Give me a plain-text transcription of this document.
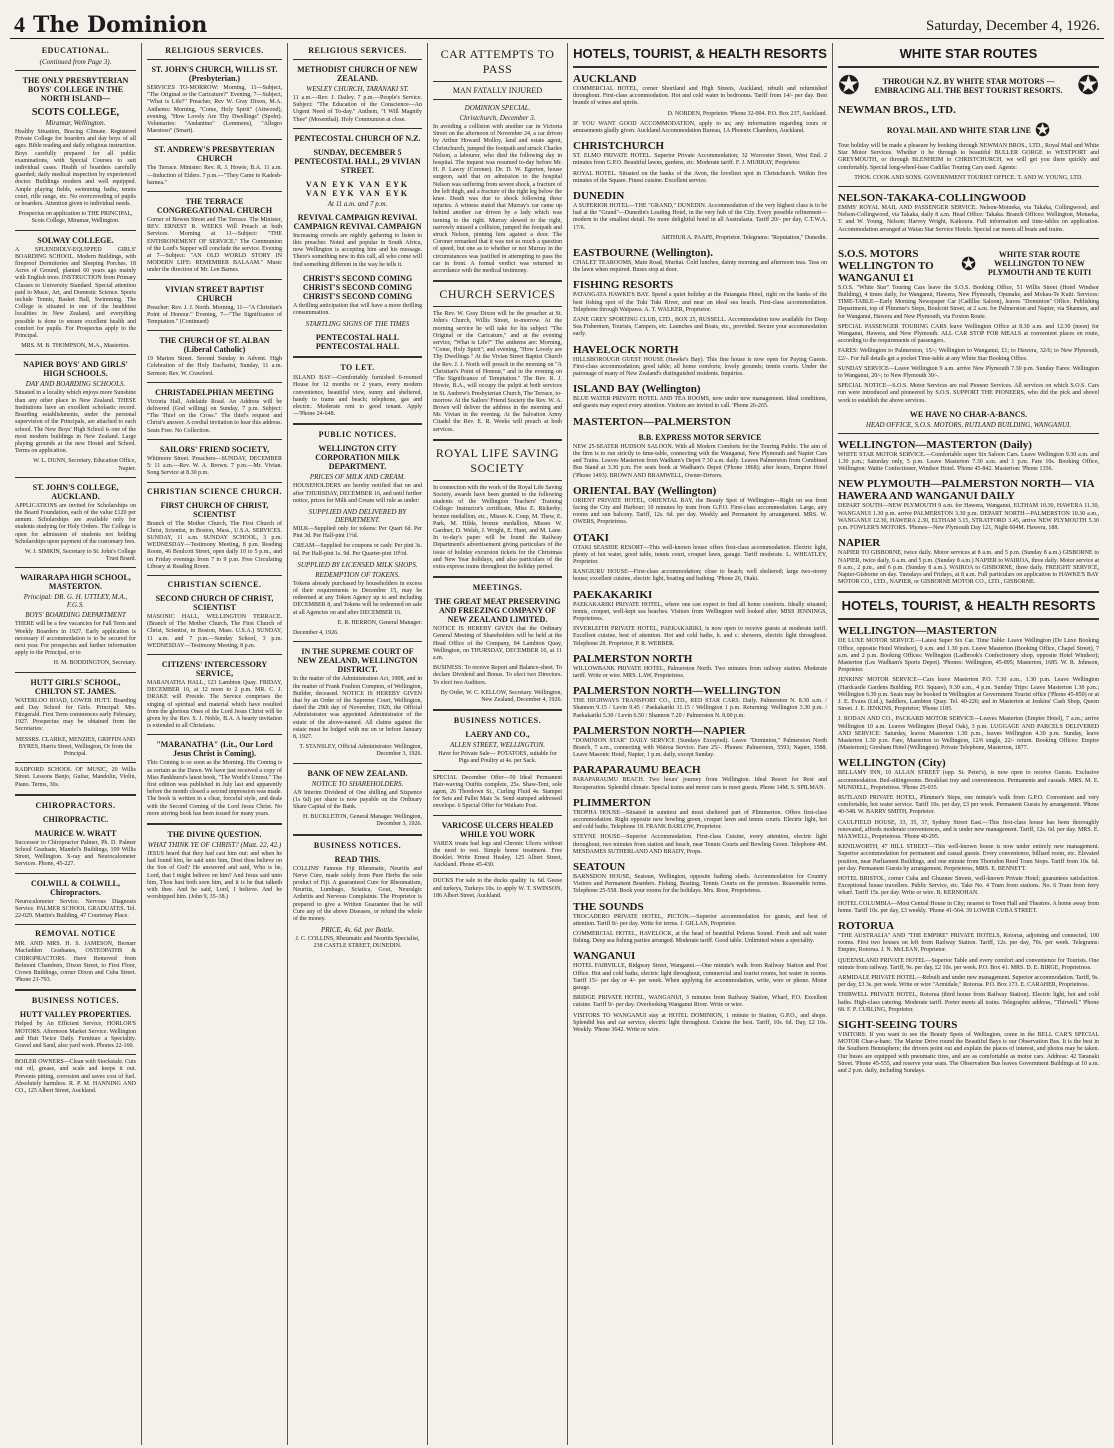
4 The Dominion	Saturday, December 4, 1926.
EDUCATIONAL.
(Continued from Page 3).
THE ONLY PRESBYTERIAN BOYS' COLLEGE IN THE NORTH ISLAND—
SCOTS COLLEGE,
Miramar, Wellington.

Healthy Situation, Bracing Climate. Registered Private College for boarders and day boys of all ages. Bible reading and daily religious instruction. Boys carefully prepared for all public examinations, with Special Courses to suit individual cases. Health of boarders carefully guarded; daily medical inspection by experienced doctor. Buildings modern and well equipped. Ample playing fields, swimming baths, tennis court, rifle range, etc. No overcrowding of pupils or boarders. Attention given to individual needs.

Prospectus on application to THE PRINCIPAL, Scots College, Miramar, Wellington.

SOLWAY COLLEGE.

A SPLENDIDLY-EQUIPPED GIRLS' BOARDING SCHOOL. Modern Buildings, with fireproof Dormitories and Sleeping Porches. 18 Acres of Ground, planted 60 years ago mainly with English trees. INSTRUCTION from Primary Classes to University Standard. Special attention paid to Music, Art, and Domestic Science. Sports include Tennis, Basket Ball, Swimming. The College is situated in one of the healthiest localities in New Zealand, and everything possible is done to ensure excellent health and comfort for pupils. For Prospectus apply to the Principal.

MRS. M. B. THOMPSON, M.A., Masterton.

NAPIER BOYS' AND GIRLS' HIGH SCHOOLS.
DAY AND BOARDING SCHOOLS.

Situated in a locality which enjoys more Sunshine than any other place in New Zealand. THESE Institutions have an excellent scholastic record. Boarding establishments, under the personal supervision of the Principals, are attached to each school. The New Boys' High School is one of the most modern buildings in New Zealand. Large playing grounds at the new Hostel and School. Terms on application.

W. L. DUNN, Secretary. Education Office, Napier.

ST. JOHN'S COLLEGE, AUCKLAND.

APPLICATIONS are invited for Scholarships on the Board Foundation, each of the value £120 per annum. Scholarships are available only for students studying for Holy Orders. The College is open for admission of students not holding Scholarships upon payment of the customary fees.

W. J. SIMKIN, Secretary to St. John's College Trust Board.

WAIRARAPA HIGH SCHOOL, MASTERTON.
Principal: DR. G. H. UTTLEY, M.A., F.G.S.
BOYS' BOARDING DEPARTMENT

THERE will be a few vacancies for Fall Term and Weekly Boarders in 1927. Early application is necessary if accommodation is to be secured for next year. For prospectus and further information apply to the Principal, or to

H. M. BODDINGTON, Secretary.

HUTT GIRLS' SCHOOL, CHILTON ST. JAMES.

WATERLOO ROAD, LOWER HUTT. Boarding and Day School for Girls. Principal: Mrs. Fitzgerald. First Term commences early February, 1927. Prospectus may be obtained from the Secretaries:

MESSRS. CLARKE, MENZIES, GRIFFIN AND BYRES, Harris Street, Wellington, Or from the Principal.

RADFORD SCHOOL OF MUSIC, 20 Willis Street. Lessons Banjo, Guitar, Mandolin, Violin, Piano. Terms, 30s.

CHIROPRACTORS.
CHIROPRACTIC.
MAURICE W. WRATT

Successor to Chiropractor Palmer, Ph. D. Palmer School Graduate, Mandel's Buildings, 109 Willis Street, Wellington. X-ray and Neurocalometer Services. Phone, 45-227.

COLWILL & COLWILL, Chiropractors.

Neurocalometer Service. Nervous Diagnosis Service. PALMER SCHOOL GRADUATES. Tel. 22-029. Martin's Building, 47 Courtenay Place.

REMOVAL NOTICE

MR. AND MRS. H. S. JAMESON, Bernarr Macfadden Graduates, OSTEOPATHS & CHIROPRACTORS. Have Removed from Belmont Chambers, Dixon Street, to First Floor, Crown Buildings, corner Dixon and Cuba Street. 'Phone 21-793.

BUSINESS NOTICES.
HUTT VALLEY PROPERTIES.

Helped by An Efficient Service, HORLOR'S MOTORS. Afternoon Market Service. Wellington and Hutt Twice Daily. Furniture a Speciality. Gravel and Sand, also yard work. Phones 22-160.

BOILER OWNERS—Clean with Stockstale. Cuts out oil, grease, and scale and keeps it out. Prevents pitting, corrosion and saves cost of fuel. Absolutely harmless. R. P. M. HANNING AND CO., 125 Albert Street, Auckland.

RELIGIOUS SERVICES.
ST. JOHN'S CHURCH, WILLIS ST. (Presbyterian.)

SERVICES TO-MORROW: Morning, 11—Subject, "The Original or the Caricature?" Evening, 7—Subject, "What is Life?" Preacher, Rev W. Gray Dixon, M.A. Anthems: Morning, "Come, Holy Spirit" (Attwood), evening, "How Lovely Are Thy Dwellings" (Spohr). Voluntaries: "Andantino" (Lemmens), "Allegro Maestoso" (Smart).

ST. ANDREW'S PRESBYTERIAN CHURCH

The Terrace. Minister: Rev. R. J. Howie, B.A. 11 a.m.—Induction of Elders. 7 p.m.—"They Came to Kadesh-barnea."

THE TERRACE CONGREGATIONAL CHURCH

Corner of Bowen Street and The Terrace. The Minister, REV. ERNEST R. WEEKS Will Preach at both Services. Morning at 11—Subject: "THE ENTHRONEMENT OF SERVICE." The Communion of the Lord's Supper will conclude the service. Evening at 7—Subject: "AN OLD WORLD STORY IN MODERN LIFE: REMEMBER BALAAM." Music under the direction of Mr. Len Barnes.

VIVIAN STREET BAPTIST CHURCH

Preacher: Rev. J. J. North. Morning, 11—"A Christian's Point of Honour." Evening, 7—"The Significance of Temptation." (Continued)

THE CHURCH OF ST. ALBAN (Liberal Catholic)

19 Marion Street. Second Sunday in Advent. High Celebration of the Holy Eucharist, Sunday, 11 a.m. Sermon: Rev. W. Crawford.

CHRISTADELPHIAN MEETING

Victoria Hall, Adelaide Road. An Address will be delivered (God willing) on Sunday, 7 p.m. Subject: "The Thief on the Cross." The thief's request and Christ's answer. A cordial invitation to hear this address. Seats Free. No Collection.

SAILORS' FRIEND SOCIETY,

Whitmore Street. Preachers—SUNDAY, DECEMBER 5: 11 a.m.—Rev. W. A. Brown. 7 p.m.—Mr. Vivian. Song Service at 8.30 p.m.

CHRISTIAN SCIENCE CHURCH.
FIRST CHURCH OF CHRIST, SCIENTIST

Branch of The Mother Church, The First Church of Christ, Scientist, in Boston, Mass., U.S.A. SERVICES. SUNDAY, 11 a.m. SUNDAY SCHOOL, 3 p.m. WEDNESDAY—Testimony Meeting, 8 p.m. Reading Room, 46 Boulcott Street, open daily 10 to 5 p.m., and on Friday evenings from 7 to 9 p.m. Free Circulating Library at Reading Room.

CHRISTIAN SCIENCE.
SECOND CHURCH OF CHRIST, SCIENTIST

MASONIC HALL, WELLINGTON TERRACE. (Branch of The Mother Church, The First Church of Christ, Scientist, in Boston, Mass. U.S.A.) SUNDAY, 11 a.m. and 7 p.m.—Sunday School, 3 p.m. WEDNESDAY—Testimony Meeting, 8 p.m.

CITIZENS' INTERCESSORY SERVICE,

MARANATHA HALL, 123 Lambton Quay. FRIDAY, DECEMBER 10, at 12 noon to 2 p.m. MR. C. J. DRAKE will Preside. The Service comprises the singing of spiritual and material which have resulted from the glorious Ones of the Lord Jesus Christ will be given by the Rev. S. J. Noble, B.A. A hearty invitation is extended to all Christians.

"MARANATHA" (Lit., Our Lord Jesus Christ is Coming).

This Coming is so soon as the Morning. His Coming is as certain as the Dawn. We have just received a copy of Miss Pankhurst's latest book, "The World's Unrest." The first edition was published in July last and apparently before the month closed a second impression was made. The book is written in a clear, forceful style, and deals with the Second Coming of the Lord Jesus Christ. No more stirring book has been issued for many years.

THE DIVINE QUESTION.
WHAT THINK YE OF CHRIST? (Matt. 22, 42.)

JESUS heard that they had cast him out: and when he had found him, he said unto him, Dost thou believe on the Son of God? He answered and said, Who is he, Lord, that I might believe on him? And Jesus said unto him, Thou hast both seen him, and it is he that talketh with thee. And he said, Lord, I believe. And he worshipped him. (John 9, 35–38.)

RELIGIOUS SERVICES.
METHODIST CHURCH OF NEW ZEALAND.
WESLEY CHURCH, TARANAKI ST.

11 a.m.—Rev. J. Dailey. 7 p.m.—People's Service. Subject: "The Education of the Conscience—An Urgent Need of To-day." Anthem, "I Will Magnify Thee" (Mosenthal). Holy Communion at close.

PENTECOSTAL CHURCH OF N.Z.
SUNDAY, DECEMBER 5 PENTECOSTAL HALL, 29 VIVIAN STREET.
VAN EYK VAN EYK VAN EYK VAN EYK
At 11 a.m. and 7 p.m.
REVIVAL CAMPAIGN REVIVAL CAMPAIGN REVIVAL CAMPAIGN

Increasing crowds are nightly gathering to listen to this preacher. Noted and popular in South Africa, now Wellington is accepting him and his message. There's something new in this call, all who come will find something different in the way he tells it.

CHRIST'S SECOND COMING CHRIST'S SECOND COMING CHRIST'S SECOND COMING

A thrilling anticipation that will have a more thrilling consummation.

STARTLING SIGNS OF THE TIMES
PENTECOSTAL HALL PENTECOSTAL HALL
TO LET.

ISLAND BAY—Comfortably furnished 6-roomed House for 12 months or 2 years, every modern convenience, beautiful view, sunny and sheltered, handy to trams and beach; telephone, gas and electric. Moderate rent to good tenant. Apply—'Phone 24-648.

PUBLIC NOTICES.
WELLINGTON CITY CORPORATION MILK DEPARTMENT.
PRICES OF MILK AND CREAM.

HOUSEHOLDERS are hereby notified that on and after THURSDAY, DECEMBER 16, and until further notice, prices for Milk and Cream will rule as under:

SUPPLIED AND DELIVERED BY DEPARTMENT.

MILK—Supplied only for tokens: Per Quart 6d. Per Pint 3d. Per Half-pint 1½d.

CREAM—Supplied for coupons or cash: Per pint 3s. 6d. Per Half-pint 1s. 9d. Per Quarter-pint 10½d.

SUPPLIED BY LICENSED MILK SHOPS.
REDEMPTION OF TOKENS.

Tokens already purchased by householders in excess of their requirements to December 15, may be redeemed at any Token Agency up to and including DECEMBER 8, and Tokens will be redeemed on sale at all Agencies on and after DECEMBER 16.

E. R. HERRON, General Manager.

December 4, 1926.

IN THE SUPREME COURT OF NEW ZEALAND, WELLINGTON DISTRICT.

In the matter of the Administration Act, 1908, and in the matter of Frank Foulton Compton, of Wellington, Builder, deceased. NOTICE IS HEREBY GIVEN that by an Order of the Supreme Court, Wellington, dated the 29th day of November, 1926, the Official Administrator was appointed Administrator of the estate of the above-named. All claims against the estate must be lodged with me on or before January 8, 1927.

T. STANSLEY, Official Administrator. Wellington, December 3, 1926.

BANK OF NEW ZEALAND.
NOTICE TO SHAREHOLDERS.

AN Interim Dividend of One shilling and Sixpence (1s 6d) per share is now payable on the Ordinary Share Capital of the Bank.

H. BUCKLETON, General Manager. Wellington, December 3, 1926.

BUSINESS NOTICES.
READ THIS.

COLLINS' Famous Fiji Rheumatic, Neuritis and Nerve Cure, made solely from Pure Herbs the sole product of Fiji. A guaranteed Cure for Rheumatism, Neuritis, Lumbago, Sciatica, Gout, Neuralgic Arthritis and Nervous Complaints. The Proprietor is prepared to give a Written Guarantee that he will Cure any of the above Diseases, or refund the whole of the money.

PRICE, 4s. 6d. per Bottle.

J. C. COLLINS, Rheumatic and Neuritis Specialist, 238 CASTLE STREET, DUNEDIN.

CAR ATTEMPTS TO PASS
MAN FATALLY INJURED
DOMINION SPECIAL.
Christchurch, December 3.

In avoiding a collision with another car in Victoria Street on the afternoon of November 24, a car driven by Arthur Howard Molloy, land and estate agent, Christchurch, jumped the footpath and struck Charles Nelson, a labourer, who died the following day in hospital. The inquest was resumed to-day before Mr. H. P. Lawry (Coroner). Dr. D. W. Egerton, house surgeon, said that on admission to the hospital Nelson was suffering from severe shock, a fracture of the left thigh, and a fracture of the right leg below the knee. Death was due to shock following these injuries. A witness stated that Murray's car came up behind another car driven by a lady which was turning to the right. Murray slewed to the right, narrowly missed a collision, jumped the footpath and struck Nelson, pinning him against a door. The Coroner remarked that it was not so much a question of speed, but one as to whether or not Murray in the circumstances was justified in attempting to pass the car in front. A formal verdict was returned in accordance with the medical testimony.

CHURCH SERVICES

The Rev. W. Gray Dixon will be the preacher at St. John's Church, Willis Street, to-morrow. At the morning service he will take for his subject "The Original or the Caricature," and at the evening service, "What is Life?" The anthems are: Morning, "Come, Holy Spirit"; and evening, "How Lovely are Thy Dwellings." At the Vivian Street Baptist Church the Rev. J. J. North will preach in the morning on "A Christian's Point of Honour," and in the evening on "The Significance of Temptation." The Rev. R. J. Howie, B.A., will occupy the pulpit at both services in St. Andrew's Presbyterian Church, The Terrace, to-morrow. At the Sailors' Friend Society the Rev. W. A. Brown will deliver the address in the morning and Mr. Vivian in the evening. At the Salvation Army Citadel the Rev. E. R. Weeks will preach at both services.

ROYAL LIFE SAVING SOCIETY

In connection with the work of the Royal Life Saving Society, awards have been granted to the following students of the Wellington Teachers' Training College: Instructor's certificate, Miss E. Rickerby; bronze medallion, etc., Misses K. Coup, M. Thew, E. Park, M. Hilda, bronze medallion, Misses W. Gardner, D. Welsh, J. Wright, E. Hunt, and M. Lane. In to-day's paper will be found the Railway Department's advertisement giving particulars of the issue of holiday excursion tickets for the Christmas and New Year holidays, and also particulars of the extra express trains throughout the holiday period.

MEETINGS.
THE GREAT MEAT PRESERVING AND FREEZING COMPANY OF NEW ZEALAND LIMITED.

NOTICE IS HEREBY GIVEN that the Ordinary General Meeting of Shareholders will be held at the Head Office of the Company, 84 Lambton Quay, Wellington, on THURSDAY, DECEMBER 16, at 11 a.m.

BUSINESS: To receive Report and Balance-sheet. To declare Dividend and Bonus. To elect two Directors. To elect two Auditors.

By Order, W. C. KELLOW, Secretary. Wellington, New Zealand, December 4, 1926.

BUSINESS NOTICES.
LAERY AND CO.,
ALLEN STREET, WELLINGTON.

Have for Private Sale— POTATOES, suitable for Pigs and Poultry at 4s. per Sack.

SPECIAL December Offer—50 Ideal Permanent Hair-waving Outfits complete, 25s. Shaw-Tent, sole agent, 26 Thordown St., Curling Fluid 4s. Stampet for Sets and Pallet Mats 3s. Send stamped addressed envelope. 6 Special Offer for Waikato Post.

VARICOSE ULCERS HEALED WHILE YOU WORK

VAREX treats bad legs and Chronic Ulcers without the need to rest. Simple home treatment. Free Booklet. Write Ernest Healey, 125 Albert Street, Auckland. Phone 45-430.

DUCKS For sale to the ducks quality 1s. 6d. Geese and turkeys, Turkeys 10s. to apply W. T. SWINSON, 186 Albert Street, Auckland.

HOTELS, TOURIST, & HEALTH RESORTS
AUCKLAND

COMMERCIAL HOTEL, corner Shortland and High Streets, Auckland, rebuilt and refurnished throughout. First-class accommodation. Hot and cold water in bedrooms. Tariff from 14/- per day. Best brands of wines and spirits.

D. NORDEN, Proprietor. 'Phone 32-004. P.O. Box 237, Auckland.

IF YOU WANT GOOD ACCOMMODATION, apply to us; any information regarding tours or amusements gladly given. Auckland Accommodation Bureau, 1A Phoenix Chambers, Auckland.

CHRISTCHURCH

ST. ELMO PRIVATE HOTEL. Superior Private Accommodation; 32 Worcester Street, West End. 2 minutes from G.P.O. Beautiful lawns, gardens, etc. Moderate tariff. F. J. MURRAY, Proprietor.

ROYAL HOTEL. Situated on the banks of the Avon, the loveliest spot in Christchurch. Within five minutes of the Square. Finest cuisine. Excellent service.

DUNEDIN

A SUPERIOR HOTEL—THE "GRAND," DUNEDIN. Accommodation of the very highest class is to be had at the "Grand"—Dunedin's Leading Hotel, in the very hub of the City. Every possible refinement—modern to the smallest detail. No more delightful hotel in all Australasia. Tariff 20/- per day, C.T.W.A. 17/6.

ARTHUR A. PAAPE, Proprietor. Telegrams: "Reputation," Dunedin.

EASTBOURNE (Wellington).

CHALET TEAROOMS, Main Road, Muritai. Cold lunches, dainty morning and afternoon teas. Teas on the lawn when required. Buses stop at door.

FISHING RESORTS

PATANGATA HAWKE'S BAY. Spend a quiet holiday at the Patangata Hotel, right on the banks of the best fishing spot of the Tuki Tuki River, and near an ideal sea beach. First-class accommodation. Telephone through Waipawa. A. T. WALKER, Proprietor.

ZANE GREY SPORTING CLUB, LTD., BOX 25, RUSSELL. Accommodation now available for Deep Sea Fishermen, Tourists, Campers, etc. Launches and Boats, etc., provided. Secure your accommodation early.

HAVELOCK NORTH

HILLSBOROUGH GUEST HOUSE (Hawke's Bay). This fine house is now open for Paying Guests. First-class accommodation; good table; all home comforts; lovely grounds; tennis courts. Under the patronage of many of New Zealand's distinguished residents. Inquiries.

ISLAND BAY (Wellington)

BLUE WATER PRIVATE HOTEL AND TEA ROOMS, now under new management. Ideal conditions, and guests may expect every attention. Visitors are invited to call. 'Phone 26-265.

MASTERTON—PALMERSTON
B.B. EXPRESS MOTOR SERVICE

NEW 25-SEATER HUDSON SALOON. With all Modern Comforts for the Touring Public. The aim of the firm is to run strictly to time-table, connecting with the Wanganui, New Plymouth and Napier Cars and Trains. Leaves Masterton from Wadham's Depot 7.30 a.m. daily. Leaves Palmerston from Combined Bus Stand at 3.30 p.m. For seats book at Wadham's Depot ('Phone 1868); after hours, Empire Hotel ('Phone 1493). BROWN AND BRAMWELL, Owner-Drivers.

ORIENTAL BAY (Wellington)

ORIENT PRIVATE HOTEL, ORIENTAL BAY, the Beauty Spot of Wellington—Right on sea front facing the City and Harbour; 10 minutes by tram from G.P.O. First-class accommodation. Large, airy rooms and sun balcony. Tariff, 12s. 6d. per day. Weekly and Permanent by arrangement. MRS. W. OWERS, Proprietress.

OTAKI

OTAKI SEASIDE RESORT—This well-known house offers first-class accommodation. Electric light, plenty of hot water, good table, tennis court, croquet lawn, garage. Tariff moderate. L. WHEATLEY, Proprietor.

RANGIURU HOUSE—First-class accommodation; close to beach; well sheltered; large two-storey house; excellent cuisine, electric light, boating and bathing. 'Phone 26, Otaki.

PAEKAKARIKI

PAEKAKARIKI PRIVATE HOTEL, where one can expect to find all home comforts. Ideally situated; tennis, croquet, well-kept sea beaches. Visitors from Wellington well looked after. MISS JENNINGS, Proprietress.

INVERLEITH PRIVATE HOTEL, PAEKAKARIKI, is now open to receive guests at moderate tariff. Excellent cuisine, best of attention. Hot and cold baths, h. and c. showers, electric light throughout. Telephone 28. Proprietor, P. R. WEBBER.

PALMERSTON NORTH

WILLOWBANK PRIVATE HOTEL, Palmerston North. Two minutes from railway station. Moderate tariff. Write or wire. MRS. LAW, Proprietress.

PALMERSTON NORTH—WELLINGTON

THE HIGHWAYS TRANSPORT CO., LTD., RED STAR CARS. Daily. Palmerston N. 8.30 a.m. / Shannon 9.15 / Levin 9.45 / Paekakariki 11.15 / Wellington 1 p.m. Returning: Wellington 3.30 p.m. / Paekakariki 5.30 / Levin 6.50 / Shannon 7.20 / Palmerston N. 8.00 p.m.

PALMERSTON NORTH—NAPIER

"DOMINION STAR" DAILY SERVICE (Sundays Excepted). Leave "Dominion," Palmerston North Branch, 7 a.m., connecting with Wairoa Service. Fare 25/-. Phones: Palmerston, 5593; Napier, 1588. Leave Masonic Hotel, Napier, 1 p.m. daily, except Sunday.

PARAPARAUMU BEACH

PARAPARAUMU BEACH. Two hours' journey from Wellington. Ideal Resort for Rest and Recuperation. Splendid climate. Special trains and motor cars to meet guests. Phone 14M. S. SPILMAN.

PLIMMERTON

TROPHA HOUSE—Situated in sunniest and most sheltered part of Plimmerton. Offers first-class accommodation. Right opposite new bowling green, croquet lawn and tennis courts. Electric light, hot and cold baths. Telephone 18. FRANK BARLOW, Proprietor.

STEYNE HOUSE—Superior Accommodation. First-class Cuisine, every attention, electric light throughout, two minutes from station and beach, near Tennis Courts and Bowling Green. Telephone 4M. MESDAMES SUTHERLAND AND BRADY, Props.

SEATOUN

BARNSDON HOUSE, Seatoun, Wellington, opposite bathing sheds. Accommodation for Country Visitors and Permanent Boarders. Fishing, Boating, Tennis Courts on the premises. Reasonable terms. Telephone 25-558. Book your rooms for the holidays. Mrs. Rose, Proprietress.

THE SOUNDS

TROCADERO PRIVATE HOTEL, PICTON.—Superior accommodation for guests, and best of attention. Tariff 8/- per day. Write for terms. J. GILLAN, Proprietor.

COMMERCIAL HOTEL, HAVELOCK, at the head of beautiful Pelorus Sound. Fresh and salt water fishing. Deep sea fishing parties arranged. Moderate tariff. Good table. Unlimited wines a speciality.

WANGANUI

HOTEL FAIRVILLE, Ridgway Street, Wanganui.—One minute's walk from Railway Station and Post Office. Hot and cold baths, electric light throughout, commercial and tourist rooms, hot water in rooms. Tariff 15/- per day or 4/- per week. When applying for accommodation, write, wire or phone. Motor garage.

BRIDGE PRIVATE HOTEL, WANGANUI, 3 minutes from Railway Station, Wharf, P.O. Excellent cuisine. Tariff 9/- per day. Overlooking Wanganui River. Write or wire.

VISITORS TO WANGANUI stay at HOTEL DOMINION, 1 minute to Station, G.P.O., and shops. Splendid bus and car service, electric light throughout. Cuisine the best. Tariff, 10s. 6d. Day, £2 10s. Weekly. 'Phone 3642. Write or wire.

WHITE STAR ROUTES
✪	THROUGH N.Z. BY WHITE STAR MOTORS — EMBRACING ALL THE BEST TOURIST RESORTS. ✪
NEWMAN BROS., LTD.
ROYAL MAIL AND WHITE STAR LINE ✪

Tour holiday will be made a pleasure by booking through NEWMAN BROS., LTD., Royal Mail and White Star Motor Services. Whether it be through to beautiful BULLER GORGE to WESTPORT and GREYMOUTH, or through BLENHEIM to CHRISTCHURCH, we will get you there quickly and comfortably. Special long-wheel-base Cadillac Touring Cars used. Agents:

THOS. COOK AND SONS. GOVERNMENT TOURIST OFFICE. T. AND W. YOUNG, LTD.

NELSON-TAKAKA-COLLINGWOOD

EMMS' ROYAL MAIL AND PASSENGER SERVICE. Nelson-Motueka, via Takaka, Collingwood, and Nelson-Collingwood, via Takaka, daily 8 a.m. Head Office: Takaka. Branch Offices: Wellington, Motueka, T. and W. Young, Nelson; Harvey Wright, Kaikoura. Full information and time-tables on application. Accommodation arranged at Waiau Star Service Hotels. Special car meets all boats and trains.

S.O.S. MOTORS WELLINGTON TO WANGANUI £1
✪	WHITE STAR ROUTE WELLINGTON TO NEW PLYMOUTH AND TE KUITI

S.O.S. "White Star" Touring Cars leave the S.O.S. Booking Office, 51 Willis Street (Hotel Windsor Building), 4 times daily, for Wanganui, Hawera, New Plymouth, Opunake, and Mokau-Te Kuiti. Services: TIME-TABLE—Early Morning Newspaper Car (Cadillac Saloon), leaves "Dominion" Office. Publishing Department, top of Plimmer's Steps, Boulcott Street, at 2 a.m. for Palmerston and Napier, via Shannon, and for Wanganui, Hawera and New Plymouth, via Foxton Route.

SPECIAL PASSENGER TOURING CARS leave Wellington Office at 8.30 a.m. and 12.30 (noon) for Wanganui, Hawera, and New Plymouth. ALL CAR STOP FOR MEALS at convenient places en route, according to the requirements of passengers.

FARES: Wellington to Palmerston, 15/-; Wellington to Wanganui, £1; to Hawera, 32/6; to New Plymouth, £2/-. For full details get a pocket Time-table at any White Star Booking Office.

SUNDAY SERVICE—Leave Wellington 9 a.m. arrive New Plymouth 7.30 p.m. Sunday Fares: Wellington to Wanganui, 20/-; to New Plymouth 30/-.

SPECIAL NOTICE—S.O.S. Motor Services are real Pioneer Services. All services on which S.O.S. Cars run were introduced and pioneered by S.O.S. SUPPORT THE PIONEERS, who did the pick and shovel work to establish the above services.

WE HAVE NO CHAR-A-BANCS.
HEAD OFFICE, S.O.S. MOTORS, RUTLAND BUILDING, WANGANUI.
WELLINGTON—MASTERTON (Daily)

WHITE STAR MOTOR SERVICE.—Comfortable super Six Saloon Cars. Leave Wellington 9.30 a.m. and 1.30 p.m.; Saturday only, 5 p.m. Leave Masterton 7.30 a.m. and 1 p.m. Fare 10s. Booking Office, Wellington: Wattie Confectioner, Windsor Hotel. 'Phone 45-842. Masterton: 'Phone 1356.

NEW PLYMOUTH—PALMERSTON NORTH— VIA HAWERA AND WANGANUI DAILY

DEPART SOUTH—NEW PLYMOUTH 9 a.m. for Hawera, Wanganui, ELTHAM 10.30, HAWERA 11.30, WANGANUI 1.30 p.m. arrive PALMERSTON 3.30 p.m. DEPART NORTH—PALMERSTON 10.30 a.m., WANGANUI 12.30, HAWERA 2.30, ELTHAM 3.15, STRATFORD 3.45, arrive NEW PLYMOUTH 5.30 p.m. FOWLER'S MOTORS. 'Phones—New Plymouth Day 121, Night 604M. Hawera, 188.

NAPIER

NAPIER TO GISBORNE, twice daily. Motor services at 8 a.m. and 5 p.m. (Sunday 8 a.m.) GISBORNE to NAPIER, twice daily, 6 a.m. and 5 p.m. (Sunday 8 a.m.) NAPIER to WAIROA, three daily. Motor service at 8 a.m., 2 p.m., and 6 p.m. (Sunday 8 a.m.). WAIROA to GISBORNE, three daily. FREIGHT SERVICE, Napier-Gisborne on day. Tuesdays and Fridays, at 8 a.m. Full particulars on application to HAWKE'S BAY MOTOR CO., LTD., NAPIER, or GISBORNE MOTOR CO., LTD., GISBORNE.

HOTELS, TOURIST, & HEALTH RESORTS
WELLINGTON—MASTERTON

DE LUXE MOTOR SERVICE.—Latest Super Six Car. Time Table: Leave Wellington (De Luxe Booking Office, opposite Hotel Windsor), 9 a.m. and 1.30 p.m. Leave Masterton (Booking Office, Chapel Street), 7 a.m. and 2 p.m. Booking Offices: Wellington (Ladbrook's Confectionery shop, opposite Hotel Windsor); Masterton (Les Wadham's Sports Depot). 'Phones: Wellington, 45-895; Masterton, 1685. W. R. Johnson, Proprietor.

JENKINS' MOTOR SERVICE—Cars leave Masterton P.O. 7.30 a.m., 1.30 p.m. Leave Wellington (Hardcastle Gardens Building, P.O. Square), 9.30 a.m., 4 p.m. Sunday Trips: Leave Masterton 1.30 p.m.; Wellington 6.30 p.m. Seats may be booked in Wellington at Government Tourist office ('Phone 45-850) or at J. E. Evans (Ltd.), Saddlers, Lambton Quay. Tel. 40-226; and in Masterton at Jenkins' Cash Shop, Queen Street. J. E. JENKINS, Proprietor; 'Phone 1185.

J. RODAN AND CO., PACKARD MOTOR SERVICE—Leaves Masterton (Empire Hotel), 7 a.m.; arrive Wellington 10 a.m. Leaves Wellington (Royal Oak), 3 p.m. LUGGAGE AND PARCELS DELIVERED AND SERVICE: Saturday, leaves Masterton 1.30 p.m., leaves Wellington 4.30 p.m. Sunday, leave Masterton 1.30 p.m. Fare, Masterton to Wellington, 12/6 single, 22/- return. Booking Offices: Empire (Masterton); Gresham Hotel (Wellington). Private Telephone, Masterton, 1877.

WELLINGTON (City)

BELLAMY INN, 10 ALLAN STREET (opp. St. Peter's), is now open to receive Guests. Exclusive accommodation. Bed-sittingrooms. Breakfast tray and conveniences. Permanents and casuals. MRS. M. E. MUNDELL, Proprietress. 'Phone 25-035.

RUTLAND PRIVATE HOTEL, Plimmer's Steps, one minute's walk from G.P.O. Convenient and very comfortable, hot water service. Tariff 10s. per day, £3 per week. Permanent Guests by arrangement. 'Phone 40-548. W. BARRY SMITH, Proprietor.

CAULFIELD HOUSE, 33, 35, 37, Sydney Street East.—This first-class house has been thoroughly renovated, affords moderate conveniences, and is under new management. Tariff, 12s. 6d. per day. MRS. E. MAXWELL, Proprietress. 'Phone 40-295.

KENILWORTH, 47 HILL STREET—This well-known house is now under entirely new management. Superior accommodation for permanent and casual guests. Every convenience, billiard room, etc. Elevated position, near Parliament Buildings, and one minute from Thorndon Reed Tram Stops. Tariff from 10s. 6d. per day. Permanent Guests by arrangement. Proprietress, MRS. E. BENNETT.

HOTEL BRISTOL, corner Cuba and Ghuznee Streets, well-known Private Hotel; guarantees satisfaction. Exceptional house travellers. Public Service, etc. Take No. 4 Tram from stations. No. 6 Tram from ferry wharf. Tariff 15s. per day. Write or wire. B. KERNOHAN.

HOTEL COLUMBIA—Most Central House in City; nearest to Town Hall and Theatres. A home away from home. Tariff 10s. per day, £3 weekly. 'Phone 41-564. 39 LOWER CUBA STREET.

ROTORUA

"THE AUSTRALIA" AND "THE EMPIRE" PRIVATE HOTELS, Rotorua, adjoining and connected, 100 rooms. First two houses on left from Railway Station. Tariff, 12s. per day, 70s. per week. Telegrams: Empire, Rotorua. J. N. McLEAN, Proprietor.

QUEENSLAND PRIVATE HOTEL—Superior Table and every comfort and convenience for Tourists. One minute from railway. Tariff, 9s. per day, £2 10s. per week. P.O. Box 41. MRS. D. E. BIRGE, Proprietress.

ARMIDALE PRIVATE HOTEL—Rebuilt and under new management. Superior accommodation. Tariff, 9s. per day, £3 3s. per week. Write or wire "Armidale," Rotorua. P.O. Box 173. E. CARAHER, Proprietress.

THIRWELL PRIVATE HOTEL, Rotorua (third house from Railway Station). Electric light, hot and cold baths. High-class catering. Moderate tariff. Porter meets all trains. Telegraphic address, "Thirwell." 'Phone 68. F. P. CURLING, Proprietor.

SIGHT-SEEING TOURS

VISITORS: If you want to see the Beauty Spots of Wellington, come in the BELL CAR'S SPECIAL MOTOR Char-a-banc. The Marine Drive round the Beautiful Bays is our Observation Bus. It is the best in the Southern Hemisphere; the drivers point out and explain the places of interest, and photos may be taken. Our buses are equipped with pneumatic tires, and are as comfortable as motor cars. Address: 42 Taranaki Street. 'Phone 45-555, and reserve your seats. The Observation Bus leaves Government Buildings at 10 a.m. and 2 p.m. daily, including Sundays.
